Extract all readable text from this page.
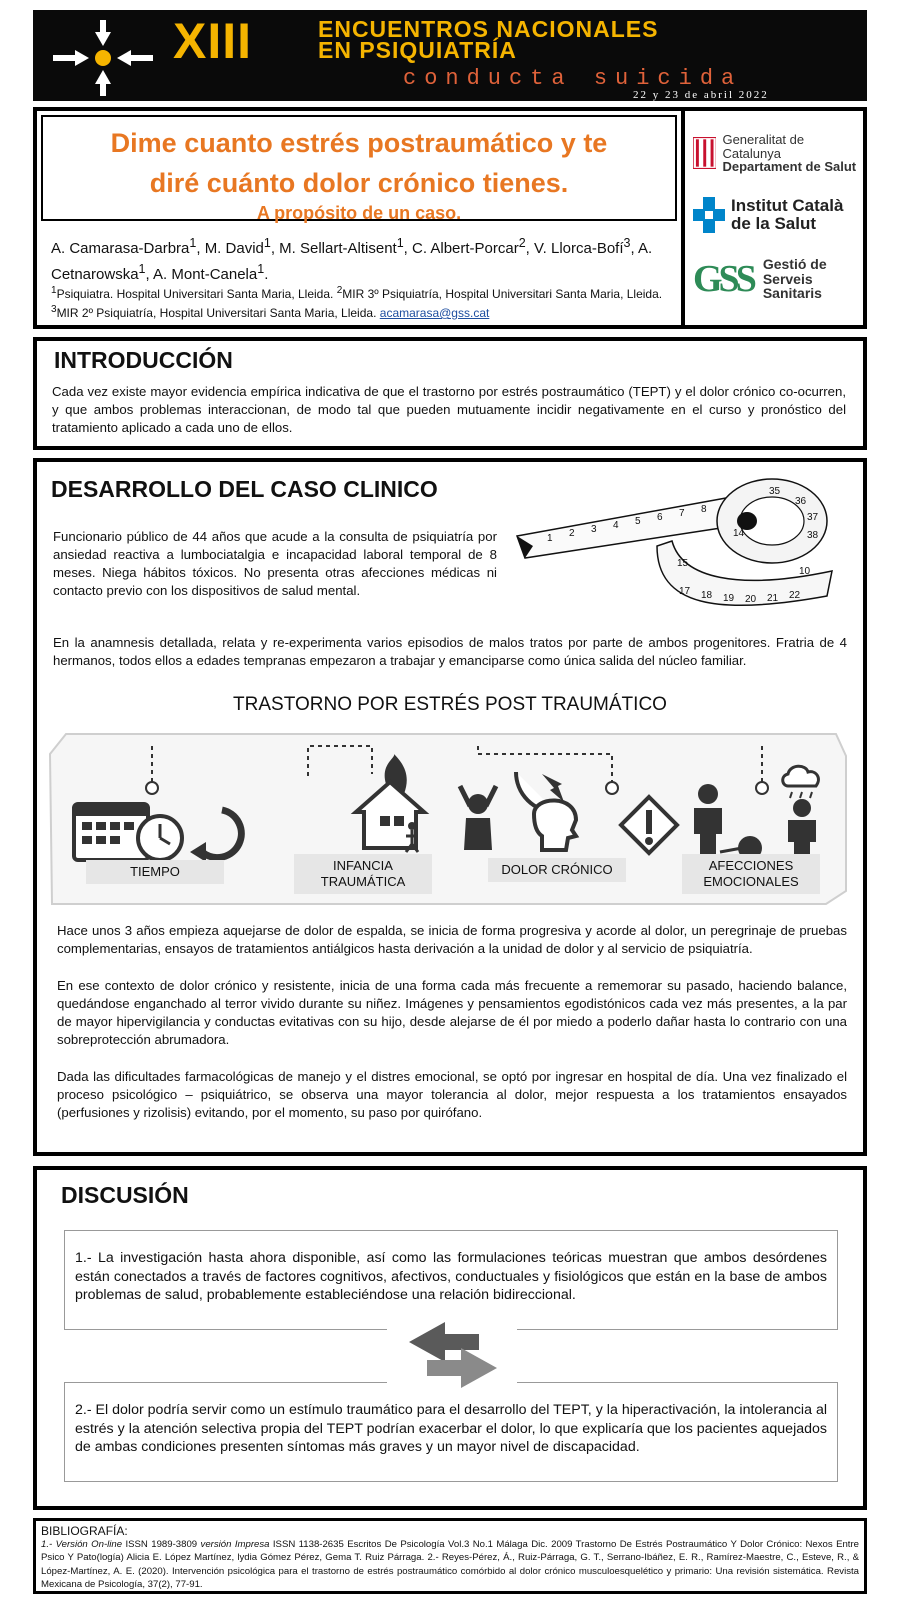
XIII	ENCUENTROS NACIONALES
EN PSIQUIATRÍA
conducta suicida
22 y 23 de abril 2022
Dime cuanto estrés postraumático y te
diré cuánto dolor crónico tienes.
A propósito de un caso.
A. Camarasa-Darbra$^1$, M. David$^1$, M. Sellart-Altisent$^1$, C. Albert-Porcar$^2$, V. Llorca-Bofí$^3$, A. Cetnarowska$^1$, A. Mont-Canela$^1$.
$^1$Psiquiatra. Hospital Universitari Santa Maria, Lleida. $^2$MIR 3º Psiquiatría, Hospital Universitari Santa Maria, Lleida. $^3$MIR 2º Psiquiatría, Hospital Universitari Santa Maria, Lleida. acamarasa@gss.cat
Generalitat de Catalunya
Departament de Salut
Institut Català
de la Salut
GSS Gestió de
Serveis Sanitaris
INTRODUCCIÓN

Cada vez existe mayor evidencia empírica indicativa de que el trastorno por estrés postraumático (TEPT) y el dolor crónico co-ocurren, y que ambos problemas interaccionan, de modo tal que pueden mutuamente incidir negativamente en el curso y pronóstico del tratamiento aplicado a cada uno de ellos.

DESARROLLO DEL CASO CLINICO

Funcionario público de 44 años que acude a la consulta de psiquiatría por ansiedad reactiva a lumbociatalgia e incapacidad laboral temporal de 8 meses. Niega hábitos tóxicos. No presenta otras afecciones médicas ni contacto previo con los dispositivos de salud mental.

1 2 3 4 5 6 7 8
17 18 19 20 21 22
35
36
37
38
14
15
10

En la anamnesis detallada, relata y re-experimenta varios episodios de malos tratos por parte de ambos progenitores. Fratria de 4 hermanos, todos ellos a edades tempranas empezaron a trabajar y emanciparse como única salida del núcleo familiar.

TRASTORNO POR ESTRÉS POST TRAUMÁTICO
TIEMPO	INFANCIA
TRAUMÁTICA
DOLOR CRÓNICO	AFECCIONES
EMOCIONALES

Hace unos 3 años empieza aquejarse de dolor de espalda, se inicia de forma progresiva y acorde al dolor, un peregrinaje de pruebas complementarias, ensayos de tratamientos antiálgicos hasta derivación a la unidad de dolor y al servicio de psiquiatría.

En ese contexto de dolor crónico y resistente, inicia de una forma cada más frecuente a rememorar su pasado, haciendo balance, quedándose enganchado al terror vivido durante su niñez. Imágenes y pensamientos egodistónicos cada vez más presentes, a la par de mayor hipervigilancia y conductas evitativas con su hijo, desde alejarse de él por miedo a poderlo dañar hasta lo contrario con una sobreprotección abrumadora.

Dada las dificultades farmacológicas de manejo y el distres emocional, se optó por ingresar en hospital de día. Una vez finalizado el proceso psicológico – psiquiátrico, se observa una mayor tolerancia al dolor, mejor respuesta a los tratamientos ensayados (perfusiones y rizolisis) evitando, por el momento, su paso por quirófano.

DISCUSIÓN

1.- La investigación hasta ahora disponible, así como las formulaciones teóricas muestran que ambos desórdenes están conectados a través de factores cognitivos, afectivos, conductuales y fisiológicos que están en la base de ambos problemas de salud, probablemente estableciéndose una relación bidireccional.

2.- El dolor podría servir como un estímulo traumático para el desarrollo del TEPT, y la hiperactivación, la intolerancia al estrés y la atención selectiva propia del TEPT podrían exacerbar el dolor, lo que explicaría que los pacientes aquejados de ambas condiciones presenten síntomas más graves y un mayor nivel de discapacidad.

BIBLIOGRAFÍA:

1.- Versión On-line ISSN 1989-3809 versión Impresa ISSN 1138-2635 Escritos De Psicología Vol.3 No.1 Málaga Dic. 2009 Trastorno De Estrés Postraumático Y Dolor Crónico: Nexos Entre Psico Y Pato(logía) Alicia E. López Martínez, lydia Gómez Pérez, Gema T. Ruiz Párraga. 2.- Reyes-Pérez, Á., Ruiz-Párraga, G. T., Serrano-Ibáñez, E. R., Ramírez-Maestre, C., Esteve, R., & López-Martínez, A. E. (2020). Intervención psicológica para el trastorno de estrés postraumático comórbido al dolor crónico musculoesquelético y primario: Una revisión sistemática. Revista Mexicana de Psicología, 37(2), 77-91.
